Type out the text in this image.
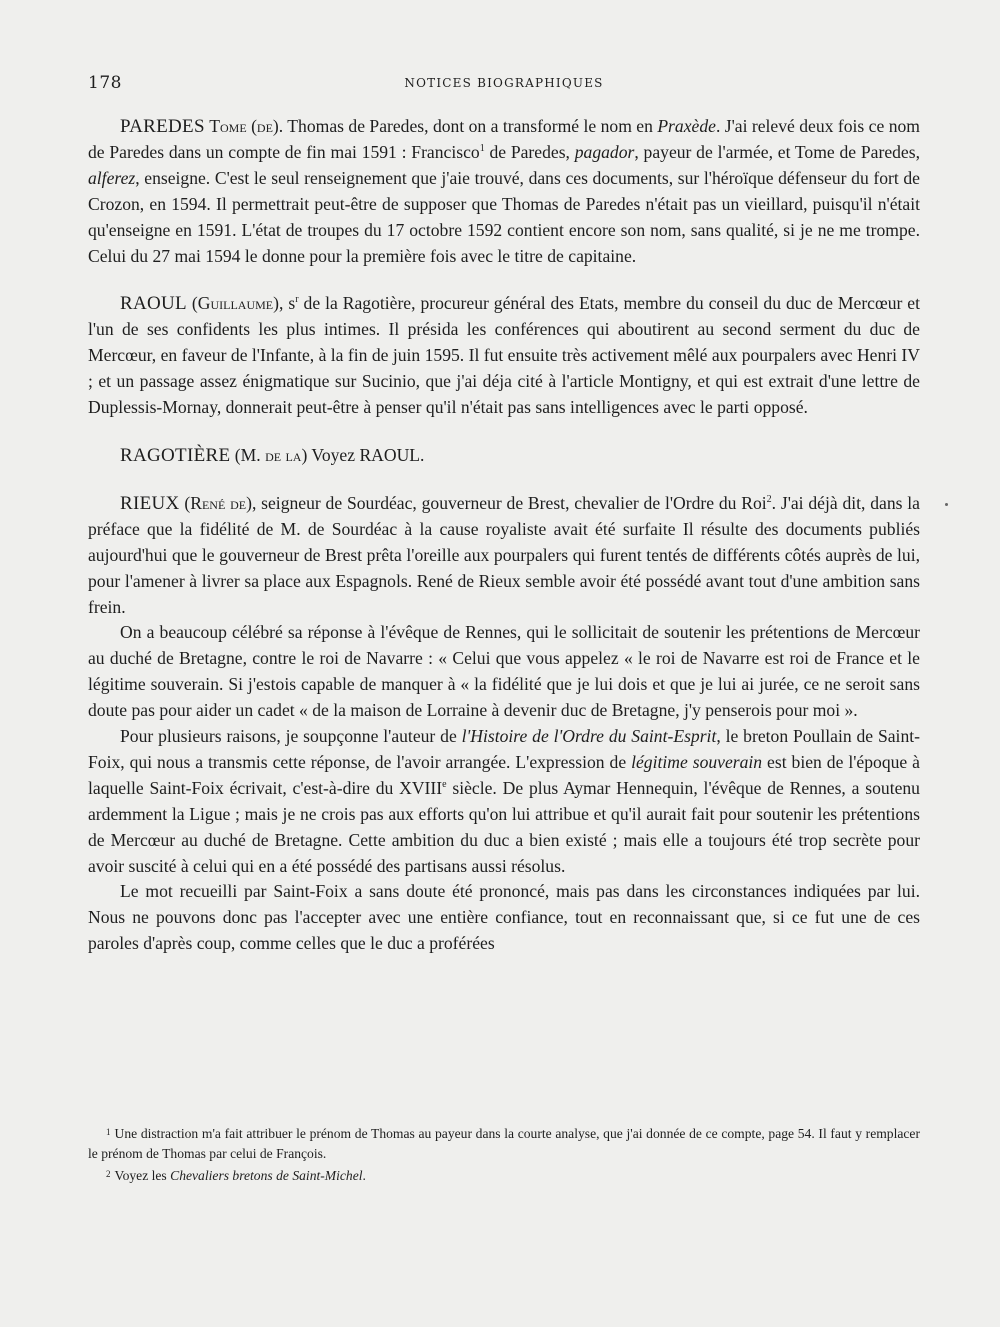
178	NOTICES BIOGRAPHIQUES

PAREDES Tome (de). Thomas de Paredes, dont on a transformé le nom en Praxède. J'ai relevé deux fois ce nom de Paredes dans un compte de fin mai 1591 : Francisco$^1$ de Paredes, pagador, payeur de l'armée, et Tome de Paredes, alferez, enseigne. C'est le seul renseignement que j'aie trouvé, dans ces documents, sur l'héroïque défenseur du fort de Crozon, en 1594. Il permettrait peut-être de supposer que Thomas de Paredes n'était pas un vieillard, puisqu'il n'était qu'enseigne en 1591. L'état de troupes du 17 octobre 1592 contient encore son nom, sans qualité, si je ne me trompe. Celui du 27 mai 1594 le donne pour la première fois avec le titre de capitaine.

RAOUL (Guillaume), $s^r$ de la Ragotière, procureur général des Etats, membre du conseil du duc de Mercœur et l'un de ses confidents les plus intimes. Il présida les conférences qui aboutirent au second serment du duc de Mercœur, en faveur de l'Infante, à la fin de juin 1595. Il fut ensuite très activement mêlé aux pourpalers avec Henri IV ; et un passage assez énigmatique sur Sucinio, que j'ai déja cité à l'article Montigny, et qui est extrait d'une lettre de Duplessis-Mornay, donnerait peut-être à penser qu'il n'était pas sans intelligences avec le parti opposé.

RAGOTIÈRE (M. de la) Voyez RAOUL.

RIEUX (René de), seigneur de Sourdéac, gouverneur de Brest, chevalier de l'Ordre du Roi$^2$. J'ai déjà dit, dans la préface que la fidélité de M. de Sourdéac à la cause royaliste avait été surfaite Il résulte des documents publiés aujourd'hui que le gouverneur de Brest prêta l'oreille aux pourpalers qui furent tentés de différents côtés auprès de lui, pour l'amener à livrer sa place aux Espagnols. René de Rieux semble avoir été possédé avant tout d'une ambition sans frein.

On a beaucoup célébré sa réponse à l'évêque de Rennes, qui le sollicitait de soutenir les prétentions de Mercœur au duché de Bretagne, contre le roi de Navarre : « Celui que vous appelez « le roi de Navarre est roi de France et le légitime souverain. Si j'estois capable de manquer à « la fidélité que je lui dois et que je lui ai jurée, ce ne seroit sans doute pas pour aider un cadet « de la maison de Lorraine à devenir duc de Bretagne, j'y penserois pour moi ».

Pour plusieurs raisons, je soupçonne l'auteur de l'Histoire de l'Ordre du Saint-Esprit, le breton Poullain de Saint-Foix, qui nous a transmis cette réponse, de l'avoir arrangée. L'expression de légitime souverain est bien de l'époque à laquelle Saint-Foix écrivait, c'est-à-dire du XVIIIe siècle. De plus Aymar Hennequin, l'évêque de Rennes, a soutenu ardemment la Ligue ; mais je ne crois pas aux efforts qu'on lui attribue et qu'il aurait fait pour soutenir les prétentions de Mercœur au duché de Bretagne. Cette ambition du duc a bien existé ; mais elle a toujours été trop secrète pour avoir suscité à celui qui en a été possédé des partisans aussi résolus.

Le mot recueilli par Saint-Foix a sans doute été prononcé, mais pas dans les circonstances indiquées par lui. Nous ne pouvons donc pas l'accepter avec une entière confiance, tout en reconnaissant que, si ce fut une de ces paroles d'après coup, comme celles que le duc a proférées

$^1$ Une distraction m'a fait attribuer le prénom de Thomas au payeur dans la courte analyse, que j'ai donnée de ce compte, page 54. Il faut y remplacer le prénom de Thomas par celui de François.

$^2$ Voyez les Chevaliers bretons de Saint-Michel.
